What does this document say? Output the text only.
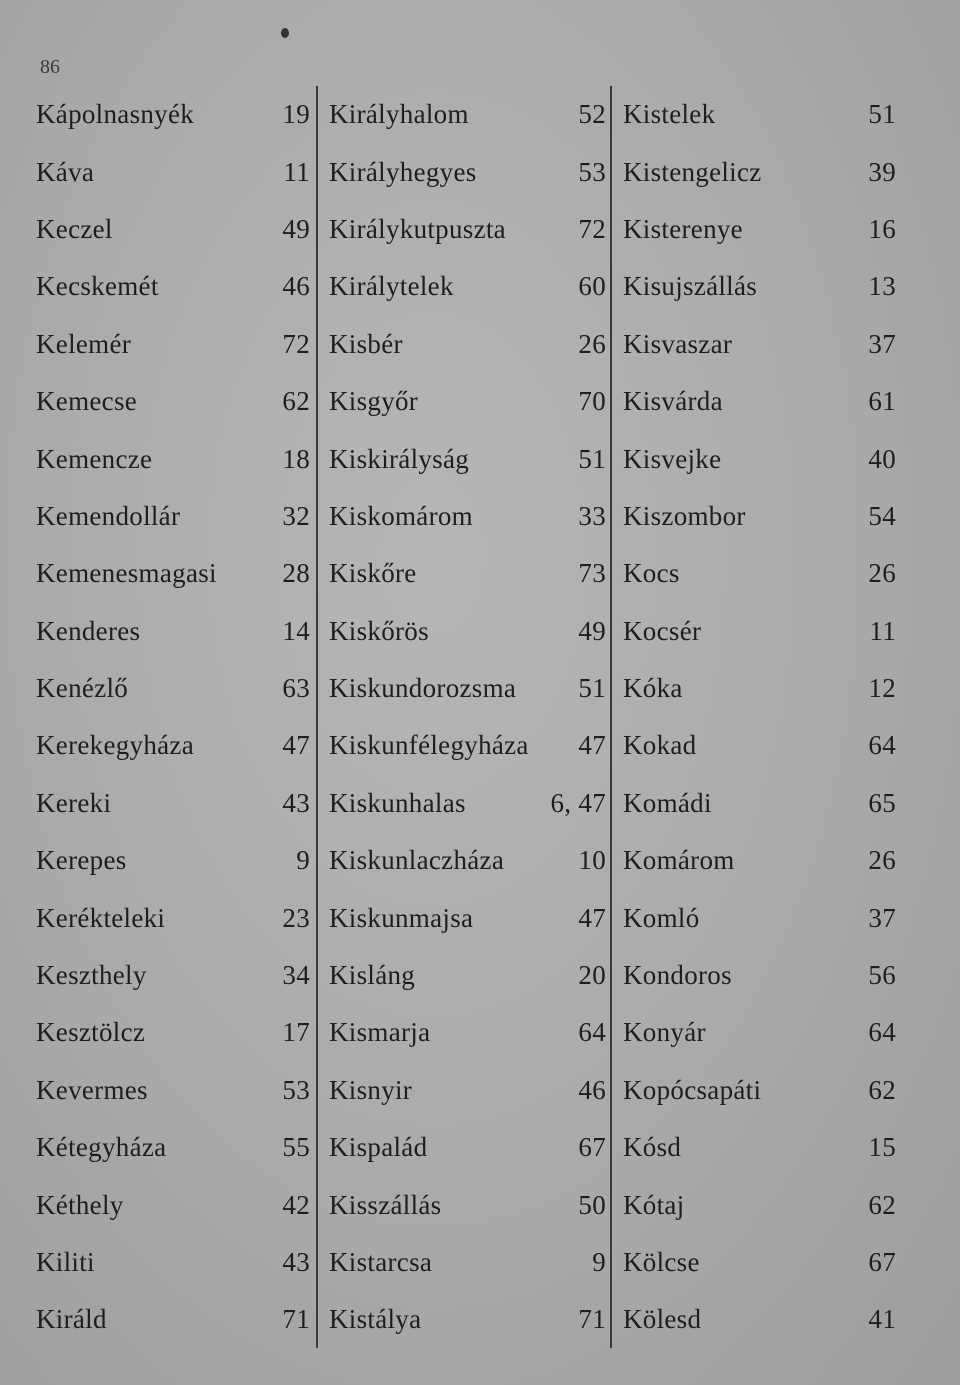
86
Kápolnasnyék	19
Káva	11
Keczel	49
Kecskemét	46
Kelemér	72
Kemecse	62
Kemencze	18
Kemendollár	32
Kemenesmagasi	28
Kenderes	14
Kenézlő	63
Kerekegyháza	47
Kereki	43
Kerepes	9
Kerékteleki	23
Keszthely	34
Kesztölcz	17
Kevermes	53
Kétegyháza	55
Kéthely	42
Kiliti	43
Királd	71
Királyhalom	52
Királyhegyes	53
Királykutpuszta	72
Királytelek	60
Kisbér	26
Kisgyőr	70
Kiskirályság	51
Kiskomárom	33
Kiskőre	73
Kiskőrös	49
Kiskundorozsma	51
Kiskunfélegyháza	47
Kiskunhalas	6, 47
Kiskunlaczháza	10
Kiskunmajsa	47
Kisláng	20
Kismarja	64
Kisnyir	46
Kispalád	67
Kisszállás	50
Kistarcsa	9
Kistálya	71
Kistelek	51
Kistengelicz	39
Kisterenye	16
Kisujszállás	13
Kisvaszar	37
Kisvárda	61
Kisvejke	40
Kiszombor	54
Kocs	26
Kocsér	11
Kóka	12
Kokad	64
Komádi	65
Komárom	26
Komló	37
Kondoros	56
Konyár	64
Kopócsapáti	62
Kósd	15
Kótaj	62
Kölcse	67
Kölesd	41
